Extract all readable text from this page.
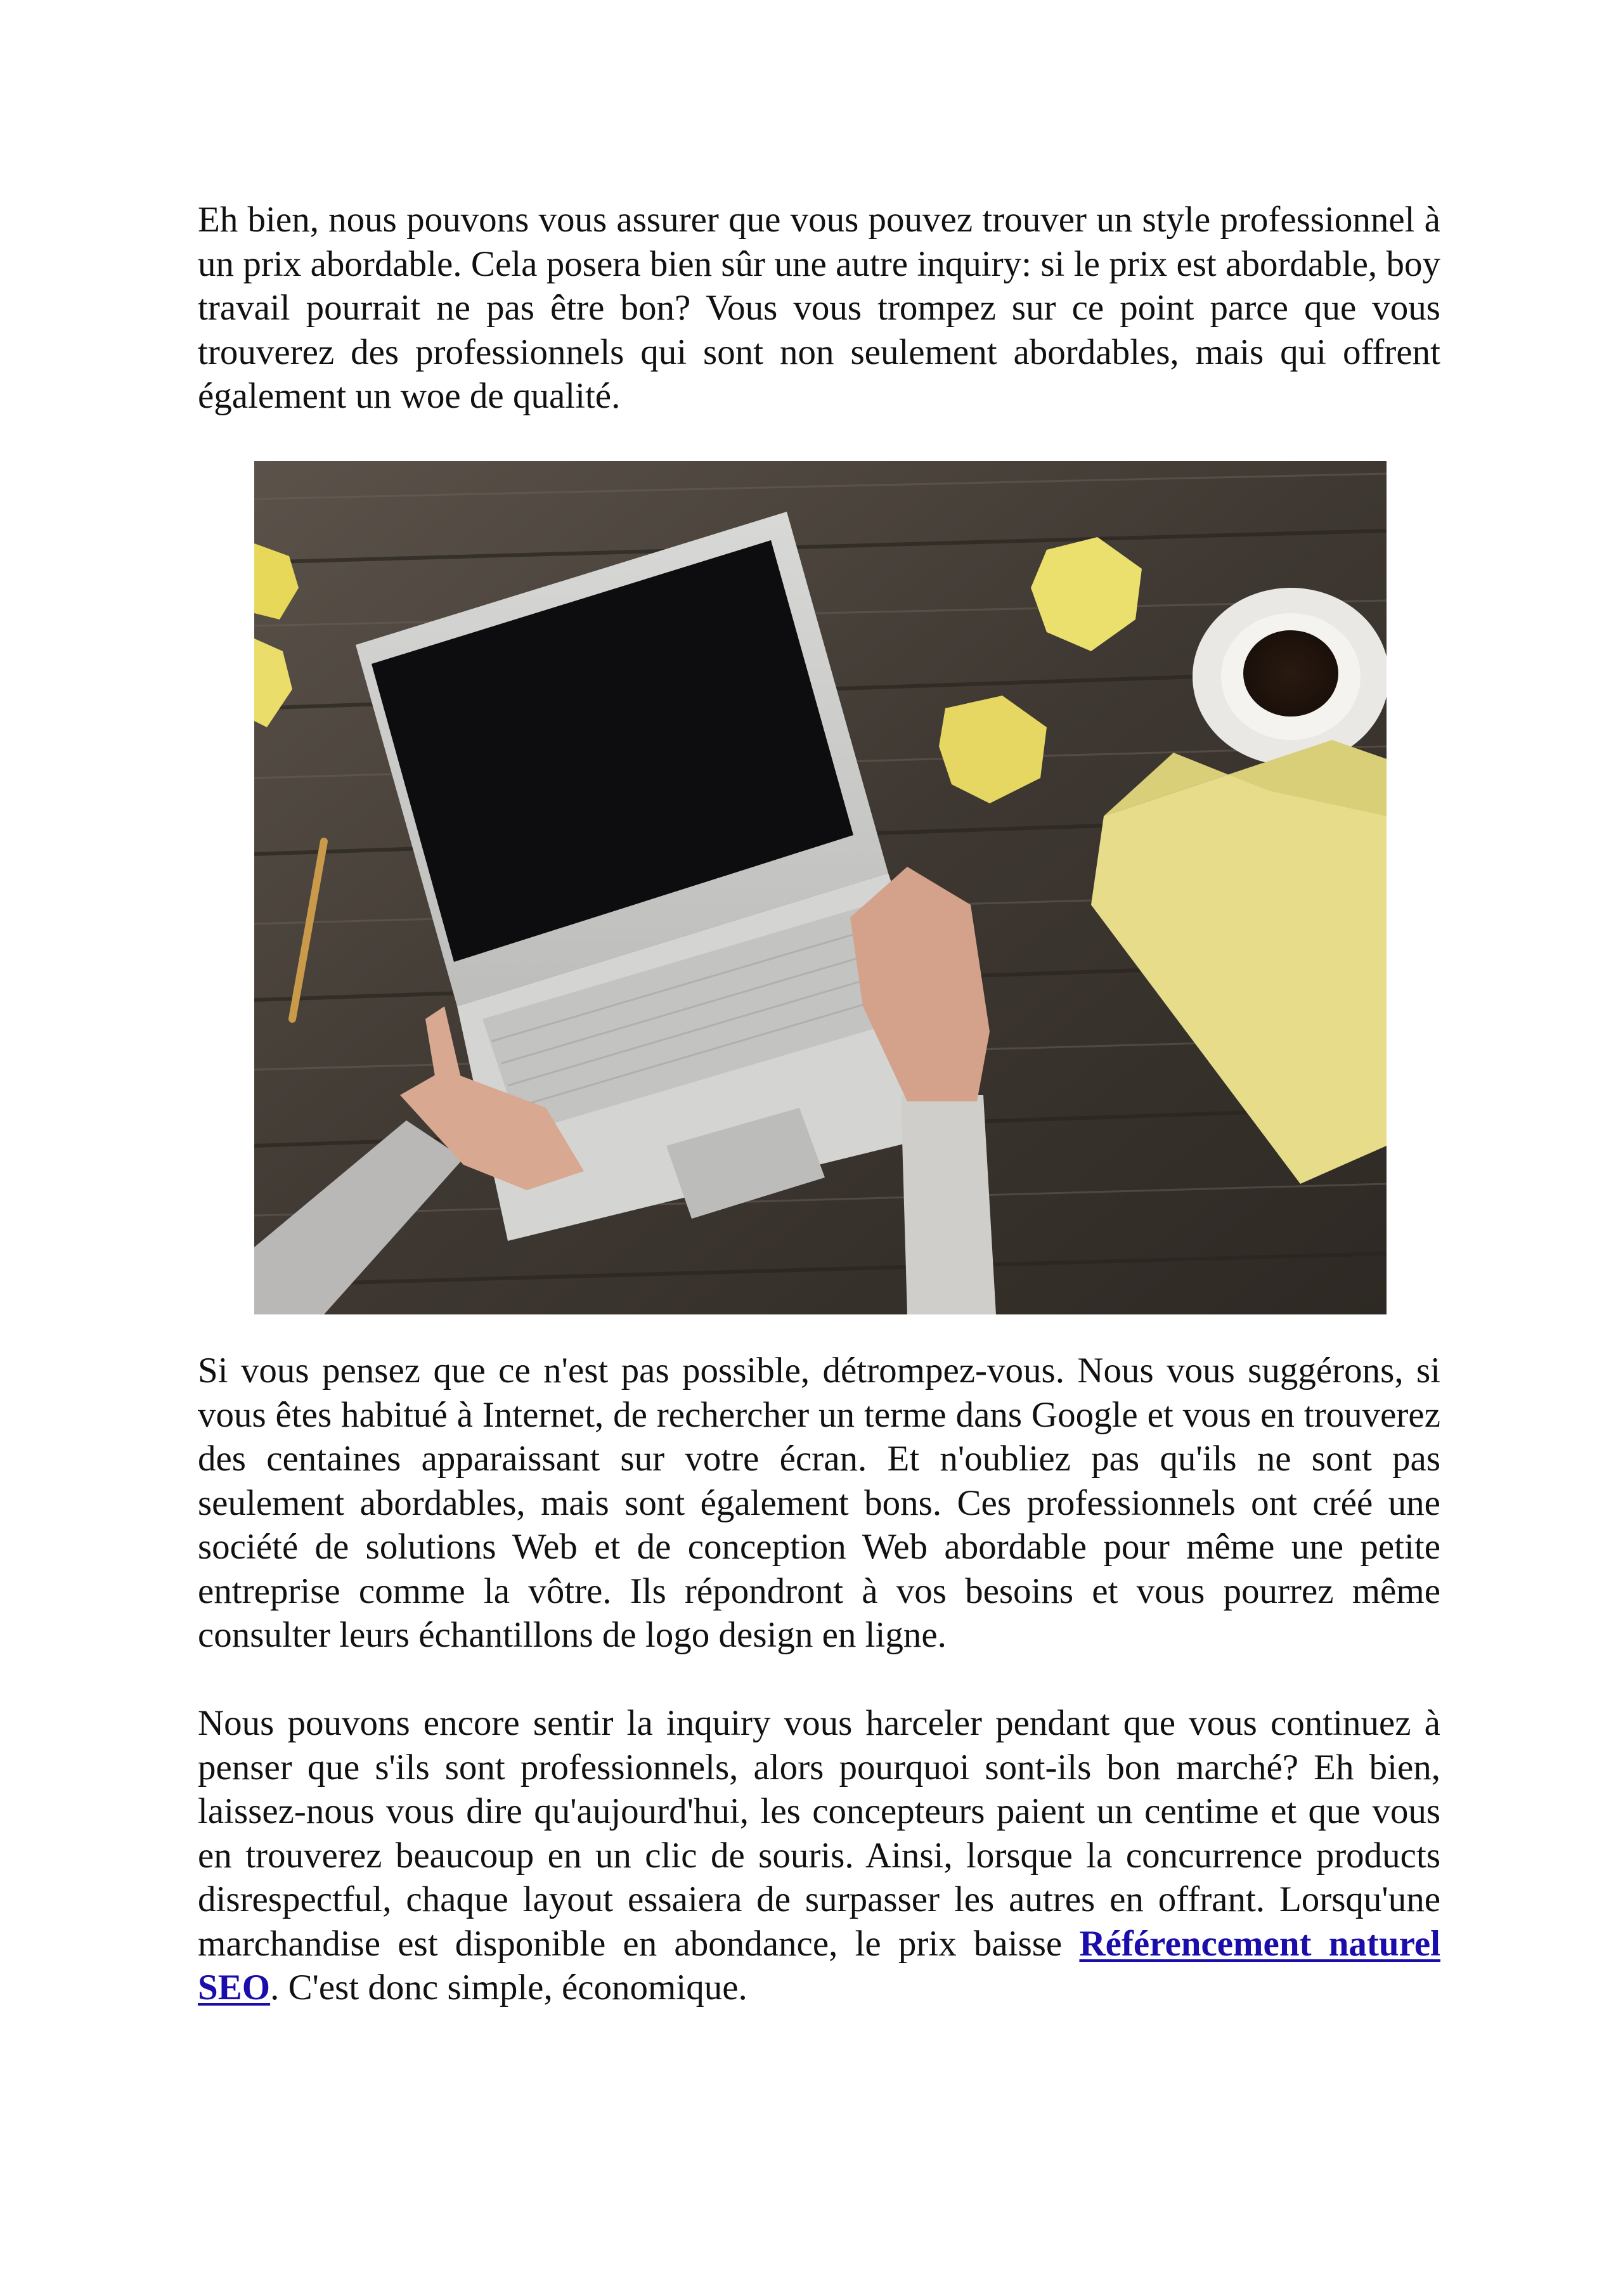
Eh bien, nous pouvons vous assurer que vous pouvez trouver un style professionnel à un prix abordable. Cela posera bien sûr une autre inquiry: si le prix est abordable, boy travail pourrait ne pas être bon? Vous vous trompez sur ce point parce que vous trouverez des professionnels qui sont non seulement abordables, mais qui offrent également un woe de qualité.

Si vous pensez que ce n'est pas possible, détrompez-vous. Nous vous suggérons, si vous êtes habitué à Internet, de rechercher un terme dans Google et vous en trouverez des centaines apparaissant sur votre écran. Et n'oubliez pas qu'ils ne sont pas seulement abordables, mais sont également bons. Ces professionnels ont créé une société de solutions Web et de conception Web abordable pour même une petite entreprise comme la vôtre. Ils répondront à vos besoins et vous pourrez même consulter leurs échantillons de logo design en ligne.

Nous pouvons encore sentir la inquiry vous harceler pendant que vous continuez à penser que s'ils sont professionnels, alors pourquoi sont-ils bon marché? Eh bien, laissez-nous vous dire qu'aujourd'hui, les concepteurs paient un centime et que vous en trouverez beaucoup en un clic de souris. Ainsi, lorsque la concurrence products disrespectful, chaque layout essaiera de surpasser les autres en offrant. Lorsqu'une marchandise est disponible en abondance, le prix baisse Référencement naturel SEO. C'est donc simple, économique.
